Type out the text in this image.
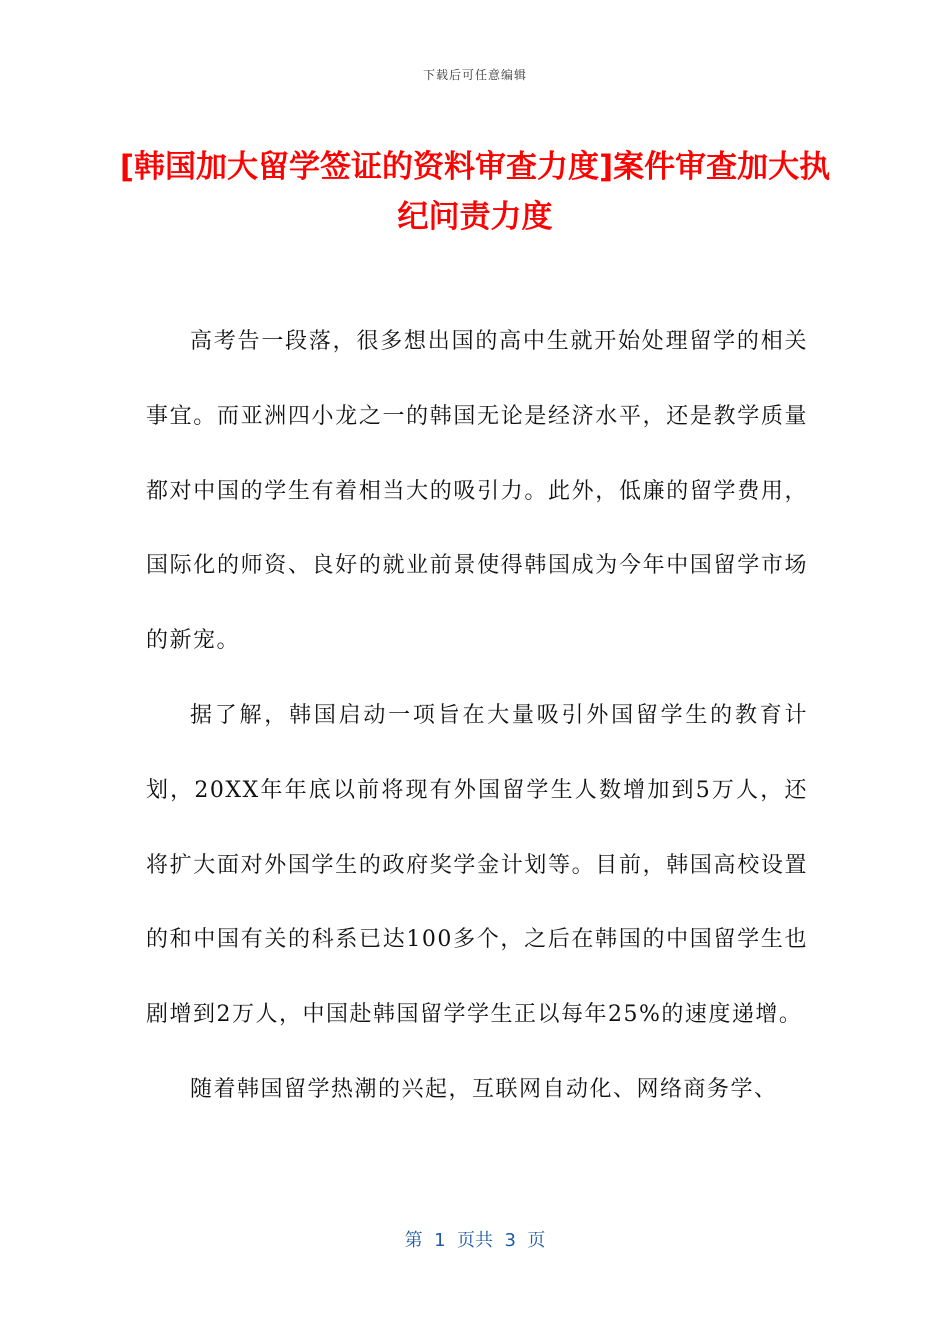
下载后可任意编辑
[韩国加大留学签证的资料审查力度]案件审查加大执纪问责力度

高考告一段落，很多想出国的高中生就开始处理留学的相关事宜。而亚洲四小龙之一的韩国无论是经济水平，还是教学质量都对中国的学生有着相当大的吸引力。此外，低廉的留学费用，国际化的师资、良好的就业前景使得韩国成为今年中国留学市场的新宠。

据了解，韩国启动一项旨在大量吸引外国留学生的教育计划，20XX年年底以前将现有外国留学生人数增加到5万人，还将扩大面对外国学生的政府奖学金计划等。目前，韩国高校设置的和中国有关的科系已达100多个，之后在韩国的中国留学生也剧增到2万人，中国赴韩国留学学生正以每年25%的速度递增。

随着韩国留学热潮的兴起，互联网自动化、网络商务学、

第  1  页共  3  页
